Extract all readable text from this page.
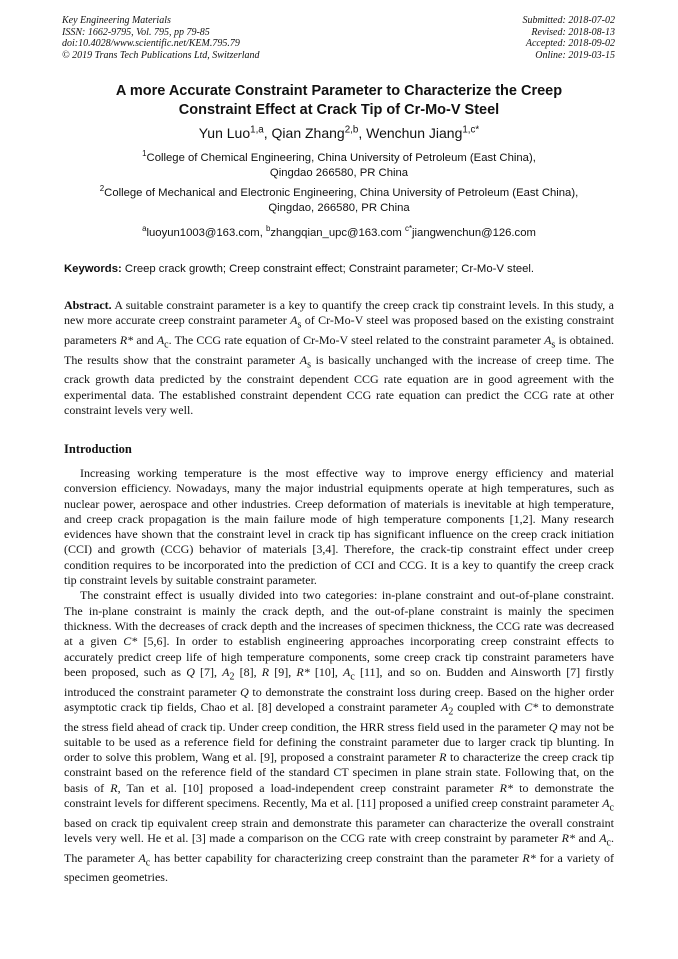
Key Engineering Materials
ISSN: 1662-9795, Vol. 795, pp 79-85
doi:10.4028/www.scientific.net/KEM.795.79
© 2019 Trans Tech Publications Ltd, Switzerland
Submitted: 2018-07-02
Revised: 2018-08-13
Accepted: 2018-09-02
Online: 2019-03-15
A more Accurate Constraint Parameter to Characterize the Creep
Constraint Effect at Crack Tip of Cr-Mo-V Steel
Yun Luo$^{1,a}$, Qian Zhang$^{2,b}$, Wenchun Jiang$^{1,c*}$
$^1$College of Chemical Engineering, China University of Petroleum (East China),
Qingdao 266580, PR China
$^2$College of Mechanical and Electronic Engineering, China University of Petroleum (East China),
Qingdao, 266580, PR China
$^a$luoyun1003@163.com, $^b$zhangqian_upc@163.com $^{c*}$jiangwenchun@126.com
Keywords: Creep crack growth; Creep constraint effect; Constraint parameter; Cr-Mo-V steel.
Abstract. A suitable constraint parameter is a key to quantify the creep crack tip constraint levels. In this study, a new more accurate creep constraint parameter $A_s$ of Cr-Mo-V steel was proposed based on the existing constraint parameters R* and $A_c$. The CCG rate equation of Cr-Mo-V steel related to the constraint parameter $A_s$ is obtained. The results show that the constraint parameter $A_s$ is basically unchanged with the increase of creep time. The crack growth data predicted by the constraint dependent CCG rate equation are in good agreement with the experimental data. The established constraint dependent CCG rate equation can predict the CCG rate at other constraint levels very well.
Introduction

Increasing working temperature is the most effective way to improve energy efficiency and material conversion efficiency. Nowadays, many the major industrial equipments operate at high temperatures, such as nuclear power, aerospace and other industries. Creep deformation of materials is inevitable at high temperature, and creep crack propagation is the main failure mode of high temperature components [1,2]. Many research evidences have shown that the constraint level in crack tip has significant influence on the creep crack initiation (CCI) and growth (CCG) behavior of materials [3,4]. Therefore, the crack-tip constraint effect under creep condition requires to be incorporated into the prediction of CCI and CCG. It is a key to quantify the creep crack tip constraint levels by suitable constraint parameter.

The constraint effect is usually divided into two categories: in-plane constraint and out-of-plane constraint. The in-plane constraint is mainly the crack depth, and the out-of-plane constraint is mainly the specimen thickness. With the decreases of crack depth and the increases of specimen thickness, the CCG rate was decreased at a given C* [5,6]. In order to establish engineering approaches incorporating creep constraint effects to accurately predict creep life of high temperature components, some creep crack tip constraint parameters have been proposed, such as Q [7], $A_2$ [8], R [9], R* [10], $A_c$ [11], and so on. Budden and Ainsworth [7] firstly introduced the constraint parameter Q to demonstrate the constraint loss during creep. Based on the higher order asymptotic crack tip fields, Chao et al. [8] developed a constraint parameter $A_2$ coupled with C* to demonstrate the stress field ahead of crack tip. Under creep condition, the HRR stress field used in the parameter Q may not be suitable to be used as a reference field for defining the constraint parameter due to larger crack tip blunting. In order to solve this problem, Wang et al. [9], proposed a constraint parameter R to characterize the creep crack tip constraint based on the reference field of the standard CT specimen in plane strain state. Following that, on the basis of R, Tan et al. [10] proposed a load-independent creep constraint parameter R* to demonstrate the constraint levels for different specimens. Recently, Ma et al. [11] proposed a unified creep constraint parameter $A_c$ based on crack tip equivalent creep strain and demonstrate this parameter can characterize the overall constraint levels very well. He et al. [3] made a comparison on the CCG rate with creep constraint by parameter R* and $A_c$. The parameter $A_c$ has better capability for characterizing creep constraint than the parameter R* for a variety of specimen geometries.
